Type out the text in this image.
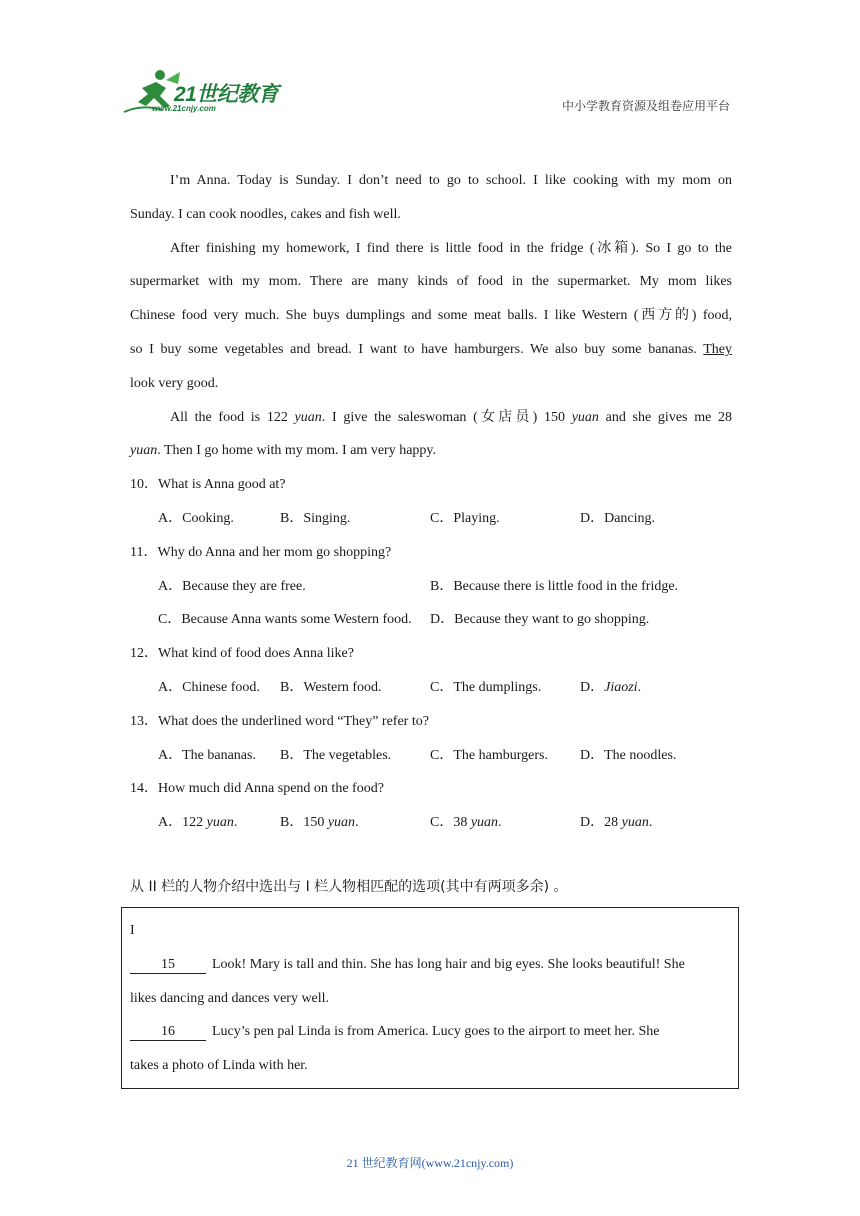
21世纪教育
www.21cnjy.com	中小学教育资源及组卷应用平台
I’m Anna. Today is Sunday. I don’t need to go to school. I like cooking with my mom on
Sunday. I can cook noodles, cakes and fish well.
After finishing my homework, I find there is little food in the fridge (冰箱). So I go to the
supermarket with my mom. There are many kinds of food in the supermarket. My mom likes
Chinese food very much. She buys dumplings and some meat balls. I like Western (西方的) food,
so I buy some vegetables and bread. I want to have hamburgers. We also buy some bananas. They
look very good.
All the food is 122 yuan. I give the saleswoman (女店员) 150 yuan and she gives me 28
yuan. Then I go home with my mom. I am very happy.
10．What is Anna good at?
A．Cooking.	B．Singing.	C．Playing.	D．Dancing.
11．Why do Anna and her mom go shopping?
A．Because they are free.	B．Because there is little food in the fridge.
C．Because Anna wants some Western food. D．Because they want to go shopping.
12．What kind of food does Anna like?
A．Chinese food. B．Western food.	C．The dumplings.	D．Jiaozi.
13．What does the underlined word “They” refer to?
A．The bananas. B．The vegetables.	C．The hamburgers. D．The noodles.
14．How much did Anna spend on the food?
A．122 yuan.	B．150 yuan.	C．38 yuan.	D．28 yuan.
从 II 栏的人物介绍中选出与 I 栏人物相匹配的选项(其中有两项多余) 。
I
15	Look! Mary is tall and thin. She has long hair and big eyes. She looks beautiful! She
likes dancing and dances very well.
16	Lucy’s pen pal Linda is from America. Lucy goes to the airport to meet her. She
takes a photo of Linda with her.
21 世纪教育网(www.21cnjy.com)
